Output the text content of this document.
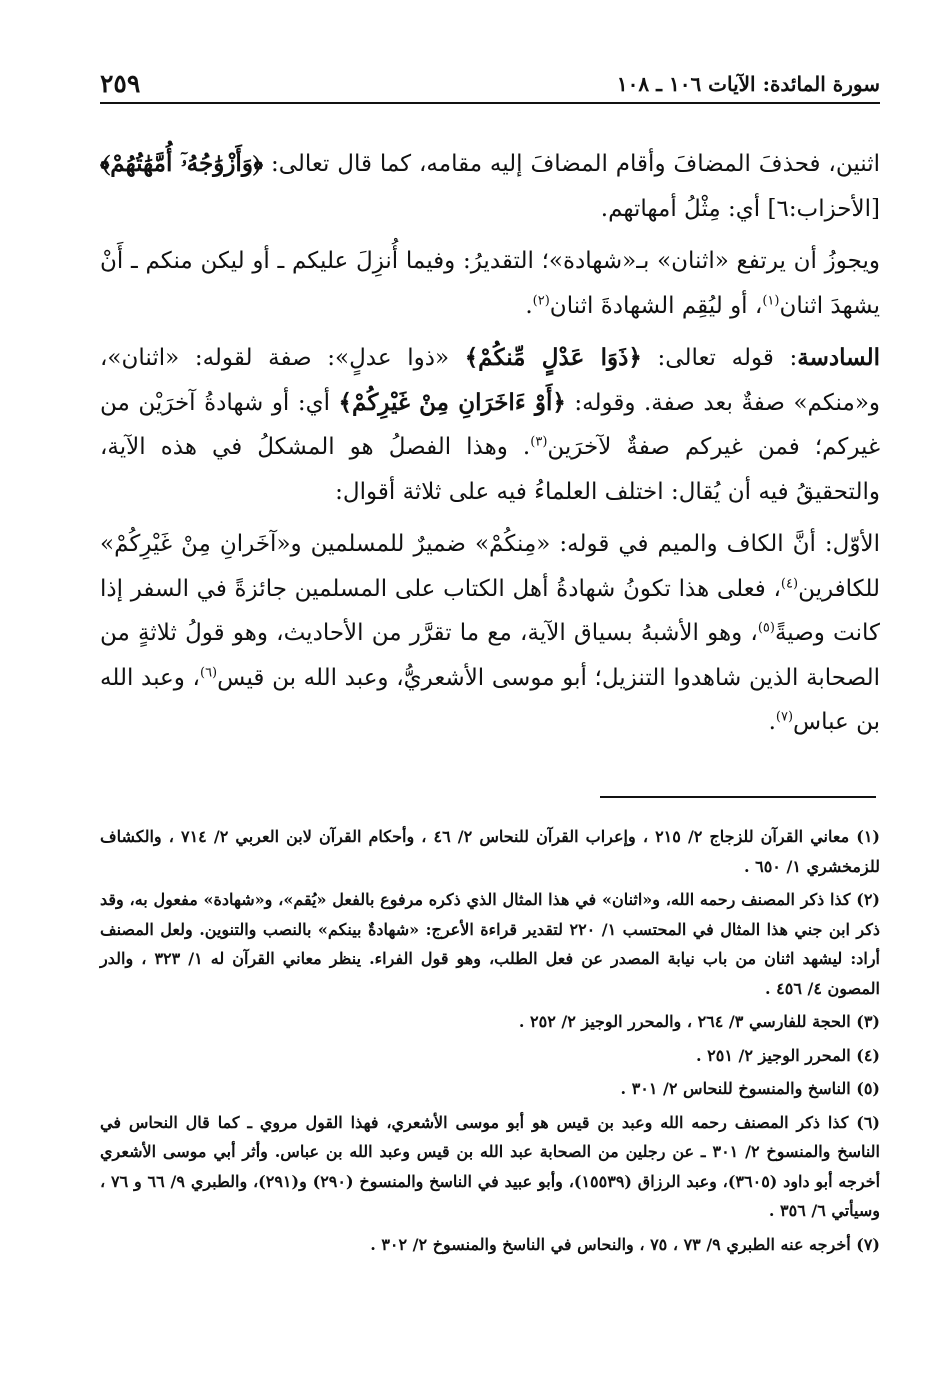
سورة المائدة: الآيات ١٠٦ ـ ١٠٨
٢٥٩

اثنين، فحذفَ المضافَ وأقام المضافَ إليه مقامه، كما قال تعالى: ﴿وَأَزْوَٰجُهُۥٓ أُمَّهَٰتُهُمْ﴾ [الأحزاب:٦] أي: مِثْلُ أمهاتهم.

ويجوزُ أن يرتفع «اثنان» بـ«شهادة»؛ التقديرُ: وفيما أُنزِلَ عليكم ـ أو ليكن منكم ـ أَنْ يشهدَ اثنان$^{(١)}$، أو ليُقِم الشهادةَ اثنان$^{(٢)}$.

السادسة: قوله تعالى: ﴿ذَوَا عَدْلٍ مِّنكُمْ﴾ «ذوا عدلٍ»: صفة لقوله: «اثنان»، و«منكم» صفةٌ بعد صفة. وقوله: ﴿أَوْ ءَاخَرَانِ مِنْ غَيْرِكُمْ﴾ أي: أو شهادةُ آخرَيْن من غيركم؛ فمن غيركم صفةٌ لآخرَين$^{(٣)}$. وهذا الفصلُ هو المشكلُ في هذه الآية، والتحقيقُ فيه أن يُقال: اختلف العلماءُ فيه على ثلاثة أقوال:

الأوّل: أنَّ الكاف والميم في قوله: «مِنكُمْ» ضميرٌ للمسلمين و«آخَرانِ مِنْ غَيْرِكُمْ» للكافرين$^{(٤)}$، فعلى هذا تكونُ شهادةُ أهل الكتاب على المسلمين جائزةً في السفر إذا كانت وصيةً$^{(٥)}$، وهو الأشبهُ بسياق الآية، مع ما تقرَّر من الأحاديث، وهو قولُ ثلاثةٍ من الصحابة الذين شاهدوا التنزيل؛ أبو موسى الأشعريُّ، وعبد الله بن قيس$^{(٦)}$، وعبد الله بن عباس$^{(٧)}$.

(١) معاني القرآن للزجاج ٢/ ٢١٥ ، وإعراب القرآن للنحاس ٢/ ٤٦ ، وأحكام القرآن لابن العربي ٢/ ٧١٤ ، والكشاف للزمخشري ١/ ٦٥٠ .

(٢) كذا ذكر المصنف رحمه الله، و«اثنان» في هذا المثال الذي ذكره مرفوع بالفعل «يُقم»، و«شهادة» مفعول به، وقد ذكر ابن جني هذا المثال في المحتسب ١/ ٢٢٠ لتقدير قراءة الأعرج: «شهادةٌ بينكم» بالنصب والتنوين. ولعل المصنف أراد: ليشهد اثنان من باب نيابة المصدر عن فعل الطلب، وهو قول الفراء. ينظر معاني القرآن له ١/ ٣٢٣ ، والدر المصون ٤/ ٤٥٦ .

(٣) الحجة للفارسي ٣/ ٢٦٤ ، والمحرر الوجيز ٢/ ٢٥٢ .

(٤) المحرر الوجيز ٢/ ٢٥١ .

(٥) الناسخ والمنسوخ للنحاس ٢/ ٣٠١ .

(٦) كذا ذكر المصنف رحمه الله وعبد بن قيس هو أبو موسى الأشعري، فهذا القول مروي ـ كما قال النحاس في الناسخ والمنسوخ ٢/ ٣٠١ ـ عن رجلين من الصحابة عبد الله بن قيس وعبد الله بن عباس. وأثر أبي موسى الأشعري أخرجه أبو داود (٣٦٠٥)، وعبد الرزاق (١٥٥٣٩)، وأبو عبيد في الناسخ والمنسوخ (٢٩٠) و(٢٩١)، والطبري ٩/ ٦٦ و ٧٦ ، وسيأتي ٦/ ٣٥٦ .

(٧) أخرجه عنه الطبري ٩/ ٧٣ ، ٧٥ ، والنحاس في الناسخ والمنسوخ ٢/ ٣٠٢ .
